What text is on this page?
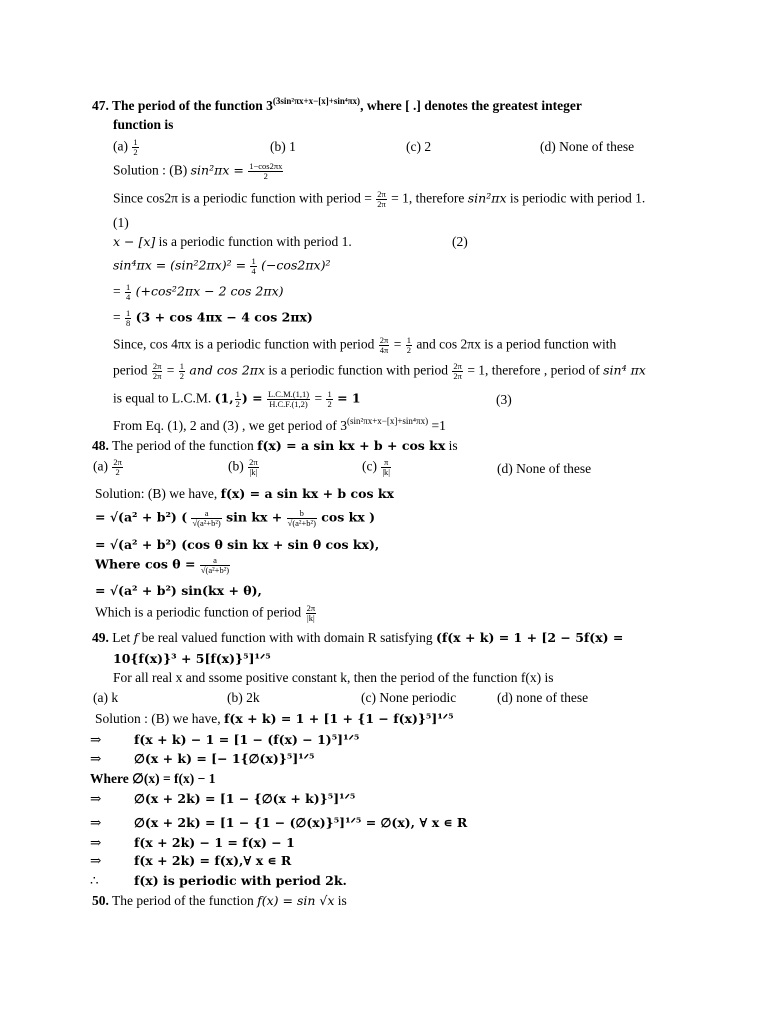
47. The period of the function $3^{(3sin^2\pi x+x-[x]+sin^4\pi x)}$, where [ .] denotes the greatest integer
function is
$(a) \frac{1}{2}$	(b) 1	(c) 2	(d) None of these
Solution : (B) $\sin^2\pi x = \frac{1-\cos 2\pi x}{2}$
Since cos2π is a periodic function with period = $\frac{2\pi}{2\pi} = 1$, therefore sin²πx is periodic with period 1.
(1)
x − [x] is a periodic function with period 1.	(2)
$\sin^4\pi x = (\sin^22\pi x)^2 = \frac{1}{4} (-\cos 2\pi x)^2$
= $\frac{1}{4} (+\cos^22\pi x - 2$ cos 2πx)
= $\frac{1}{8} (3 + \cos 4\pi x - 4$ cos 2πx)
Since, cos 4πx is a periodic function with period $\frac{2\pi}{4\pi} = \frac{1}{2}$ and cos 2πx is a period function with
period $\frac{2\pi}{2\pi} = \frac{1}{2}$ and cos 2πx is a periodic function with period $\frac{2\pi}{2\pi} = 1$, therefore , period of sin⁴ πx
is equal to L.C.M. (1, $\frac{1}{2}$ ) = $\frac{L.C.M.(1,1)}{H.C.F.(1,2)} = \frac{1}{2} = 1$	(3)
From Eq. (1), 2 and (3) , we get period of $3^{(sin^2\pi x+x-[x]+sin^4\pi x)} =1$
48. The period of the function f(x) = a sin kx + b + cos kx is
$(a) \frac{2\pi}{2}$	$(b) \frac{2\pi}{|k|}$	$(c) \frac{\pi}{|k|}$	(d) None of these
Solution: (B) we have, f(x) = a sin kx + b cos kx
= √(a² + b²) ( $\frac{a}{\text{√(a²+b²)}}$ sin kx + $\frac{b}{\text{√(a²+b²)}}$ cos kx )
= √(a² + b²) (cos θ sin kx + sin θ cos kx),
Where $\cos \theta = \frac{a}{\text{√(a²+b²)}}$
= √(a² + b²) sin(kx + θ),
Which is a periodic function of period $\frac{2\pi}{|k|}$
49. Let f be real valued function with with domain R satisfying (f(x + k) = 1 + [2 − 5f(x) =
10{f(x)}³ + 5[f(x)}⁵]¹ᐟ⁵
For all real x and ssome positive constant k, then the period of the function f(x) is
(a) k	(b) 2k	(c) None periodic	(d) none of these
Solution : (B) we have, f(x + k) = 1 + [1 + {1 − f(x)}⁵]¹ᐟ⁵
⇒	f(x + k) − 1 = [1 − (f(x) − 1)⁵]¹ᐟ⁵
⇒	∅(x + k) = [− 1{∅(x)}⁵]¹ᐟ⁵
Where ∅(x) = f(x) − 1
⇒	∅(x + 2k) = [1 − {∅(x + k)}⁵]¹ᐟ⁵
⇒	∅(x + 2k) = [1 − {1 − (∅(x)}⁵]¹ᐟ⁵ = ∅(x), ∀ x ∊ R
⇒	f(x + 2k) − 1 = f(x) − 1
⇒	f(x + 2k) = f(x),∀ x ∊ R
∴	f(x) is periodic with period 2k.
50. The period of the function f(x) = sin √x is
